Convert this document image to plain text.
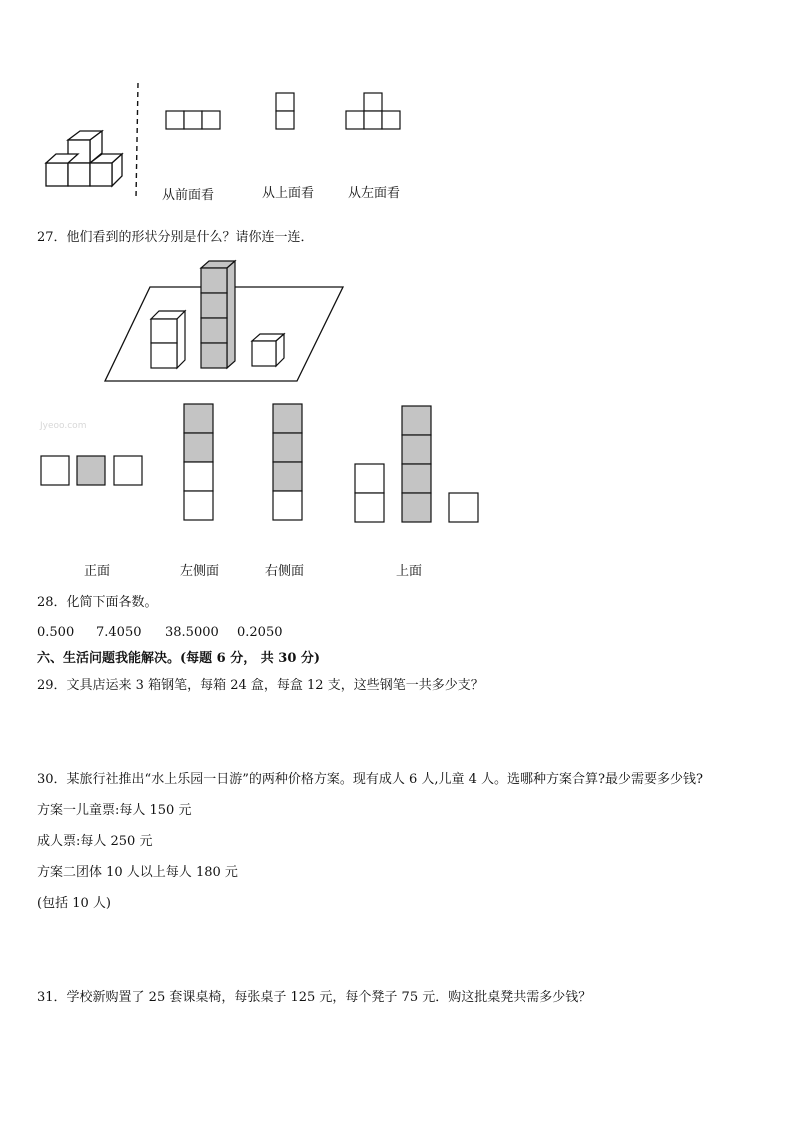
从前面看	从上面看	从左面看
27．他们看到的形状分别是什么？请你连一连．
Jyeoo.com
正面	左侧面	右侧面	上面
28．化简下面各数。
0.500 7.4050 38.5000 0.2050
六、生活问题我能解决。(每题 6 分， 共 30 分)
29．文具店运来 3 箱钢笔，每箱 24 盒，每盒 12 支，这些钢笔一共多少支？
30．某旅行社推出“水上乐园一日游”的两种价格方案。现有成人 6 人,儿童 4 人。选哪种方案合算?最少需要多少钱?
方案一儿童票:每人 150 元
成人票:每人 250 元
方案二团体 10 人以上每人 180 元
(包括 10 人)
31．学校新购置了 25 套课桌椅，每张桌子 125 元，每个凳子 75 元．购这批桌凳共需多少钱？
